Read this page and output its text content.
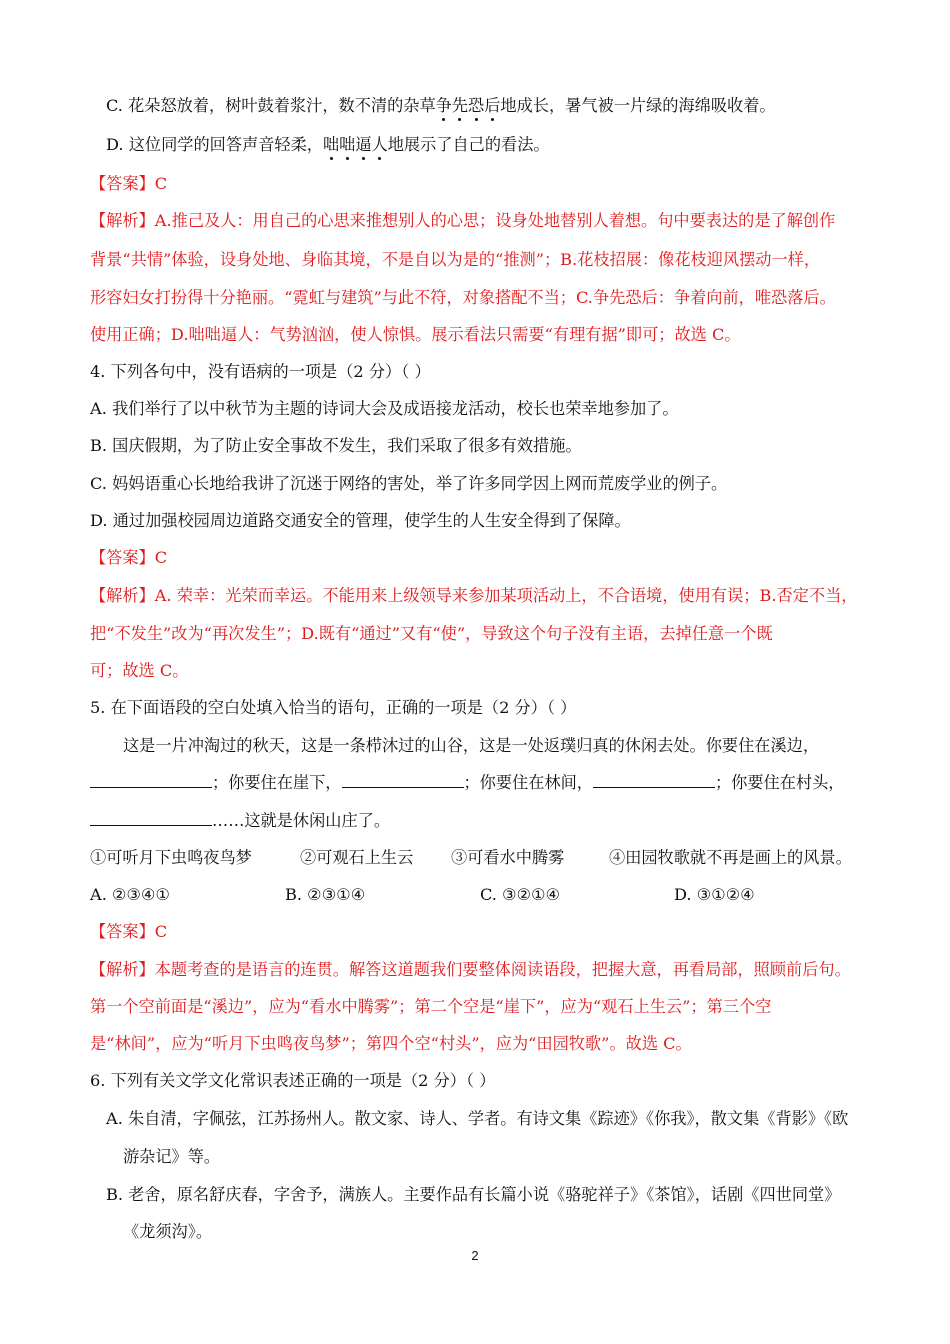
C. 花朵怒放着，树叶鼓着浆汁，数不清的杂草争先恐后地成长，暑气被一片绿的海绵吸收着。
D. 这位同学的回答声音轻柔，咄咄逼人地展示了自己的看法。
【答案】C
【解析】A.推己及人：用自己的心思来推想别人的心思；设身处地替别人着想。句中要表达的是了解创作
背景“共情”体验，设身处地、身临其境，不是自以为是的“推测”；B.花枝招展：像花枝迎风摆动一样，
形容妇女打扮得十分艳丽。“霓虹与建筑”与此不符，对象搭配不当；C.争先恐后：争着向前，唯恐落后。
使用正确；D.咄咄逼人：气势汹汹，使人惊惧。展示看法只需要“有理有据”即可；故选 C。
4. 下列各句中，没有语病的一项是（2 分）（ ）
A. 我们举行了以中秋节为主题的诗词大会及成语接龙活动，校长也荣幸地参加了。
B. 国庆假期，为了防止安全事故不发生，我们采取了很多有效措施。
C. 妈妈语重心长地给我讲了沉迷于网络的害处，举了许多同学因上网而荒废学业的例子。
D. 通过加强校园周边道路交通安全的管理，使学生的人生安全得到了保障。
【答案】C
【解析】A. 荣幸：光荣而幸运。不能用来上级领导来参加某项活动上，不合语境，使用有误；B.否定不当，
把“不发生”改为“再次发生”；D.既有“通过”又有“使”，导致这个句子没有主语，去掉任意一个既
可；故选 C。
5. 在下面语段的空白处填入恰当的语句，正确的一项是（2 分）（ ）
这是一片冲淘过的秋天，这是一条栉沐过的山谷，这是一处返璞归真的休闲去处。你要住在溪边，
；你要住在崖下，	；你要住在林间，	；你要住在村头，
……这就是休闲山庄了。
①可听月下虫鸣夜鸟梦	②可观石上生云 ③可看水中腾雾	④田园牧歌就不再是画上的风景。
A. ②③④①	B. ②③①④	C. ③②①④	D. ③①②④
【答案】C
【解析】本题考查的是语言的连贯。解答这道题我们要整体阅读语段，把握大意，再看局部，照顾前后句。
第一个空前面是“溪边”，应为“看水中腾雾”；第二个空是“崖下”，应为“观石上生云”；第三个空
是“林间”，应为“听月下虫鸣夜鸟梦”；第四个空“村头”，应为“田园牧歌”。故选 C。
6. 下列有关文学文化常识表述正确的一项是（2 分）（ ）
A. 朱自清，字佩弦，江苏扬州人。散文家、诗人、学者。有诗文集《踪迹》《你我》，散文集《背影》《欧
游杂记》等。
B. 老舍，原名舒庆春，字舍予，满族人。主要作品有长篇小说《骆驼祥子》《茶馆》，话剧《四世同堂》
《龙须沟》。
2
